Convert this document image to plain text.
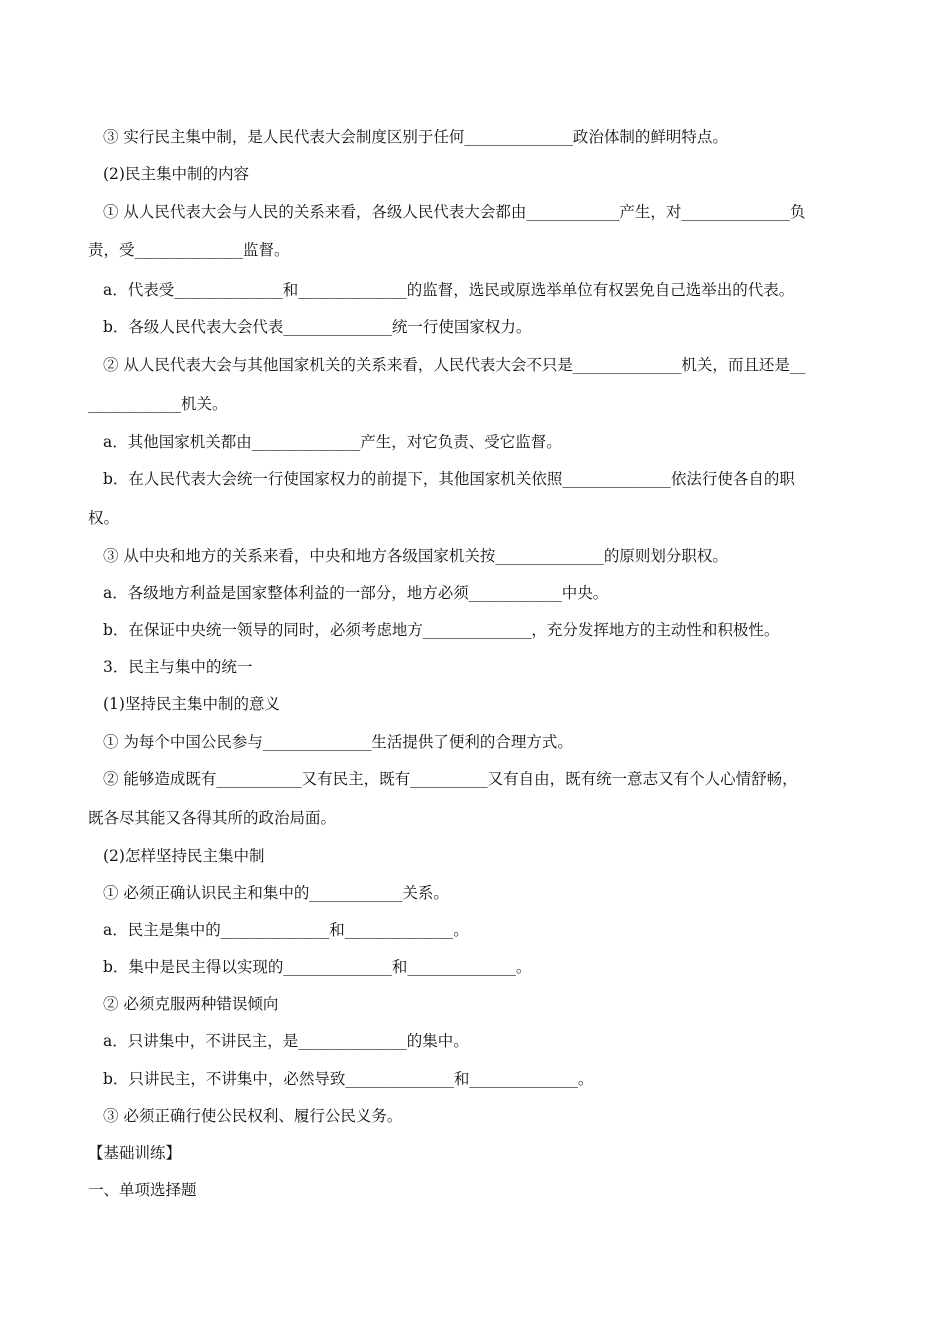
③ 实行民主集中制，是人民代表大会制度区别于任何______________政治体制的鲜明特点。
(2)民主集中制的内容
① 从人民代表大会与人民的关系来看，各级人民代表大会都由____________产生，对______________负
责，受______________监督。
a．代表受______________和______________的监督，选民或原选举单位有权罢免自己选举出的代表。
b．各级人民代表大会代表______________统一行使国家权力。
② 从人民代表大会与其他国家机关的关系来看，人民代表大会不只是______________机关，而且还是__
____________机关。
a．其他国家机关都由______________产生，对它负责、受它监督。
b．在人民代表大会统一行使国家权力的前提下，其他国家机关依照______________依法行使各自的职
权。
③ 从中央和地方的关系来看，中央和地方各级国家机关按______________的原则划分职权。
a．各级地方利益是国家整体利益的一部分，地方必须____________中央。
b．在保证中央统一领导的同时，必须考虑地方______________，充分发挥地方的主动性和积极性。
3．民主与集中的统一
(1)坚持民主集中制的意义
① 为每个中国公民参与______________生活提供了便利的合理方式。
② 能够造成既有___________又有民主，既有__________又有自由，既有统一意志又有个人心情舒畅，
既各尽其能又各得其所的政治局面。
(2)怎样坚持民主集中制
① 必须正确认识民主和集中的____________关系。
a．民主是集中的______________和______________。
b．集中是民主得以实现的______________和______________。
② 必须克服两种错误倾向
a．只讲集中，不讲民主，是______________的集中。
b．只讲民主，不讲集中，必然导致______________和______________。
③ 必须正确行使公民权利、履行公民义务。
【基础训练】
一、单项选择题
